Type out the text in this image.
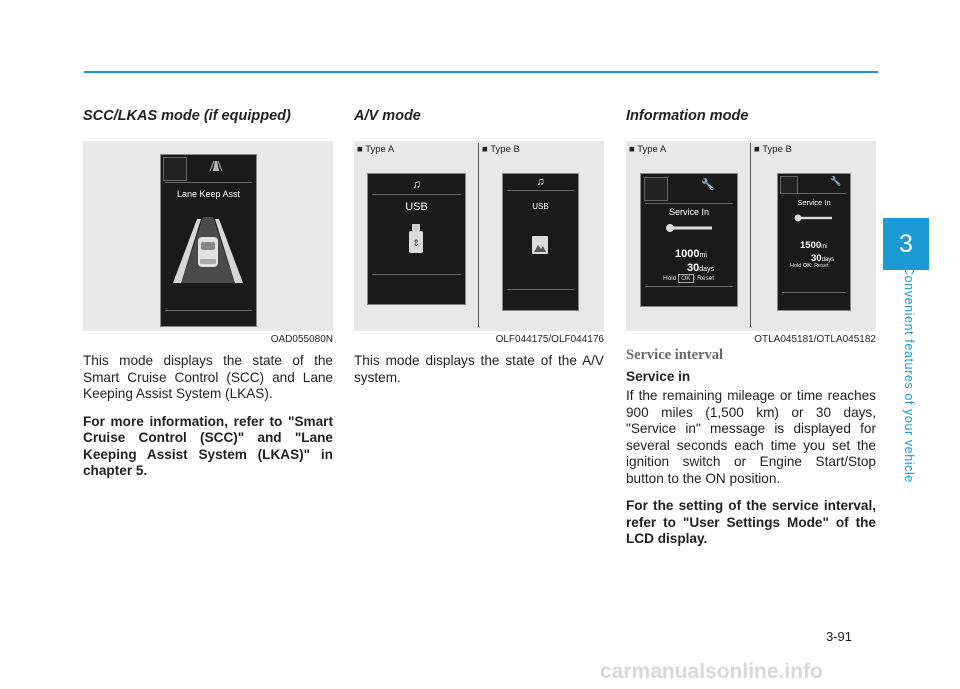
3
Convenient features of your vehicle
SCC/LKAS mode (if equipped)
Lane Keep Asst
OAD055080N

This mode displays the state of the Smart Cruise Control (SCC) and Lane Keeping Assist System (LKAS).

For more information, refer to "Smart Cruise Control (SCC)" and "Lane Keeping Assist System (LKAS)" in chapter 5.

A/V mode
■ Type A	■ Type B
♫
USB
⇕
♫
USB
OLF044175/OLF044176

This mode displays the state of the A/V system.

Information mode
■ Type A	■ Type B
🔧
Service In
1000mi
30days
Hold OK : Reset
🔧
Service In
1500mi
30days
Hold OK: Reset
OTLA045181/OTLA045182
Service interval
Service in

If the remaining mileage or time reaches 900 miles (1,500 km) or 30 days, "Service in" message is displayed for several seconds each time you set the ignition switch or Engine Start/Stop button to the ON position.

For the setting of the service interval, refer to "User Settings Mode" of the LCD display.

3-91
carmanualsonline.info
